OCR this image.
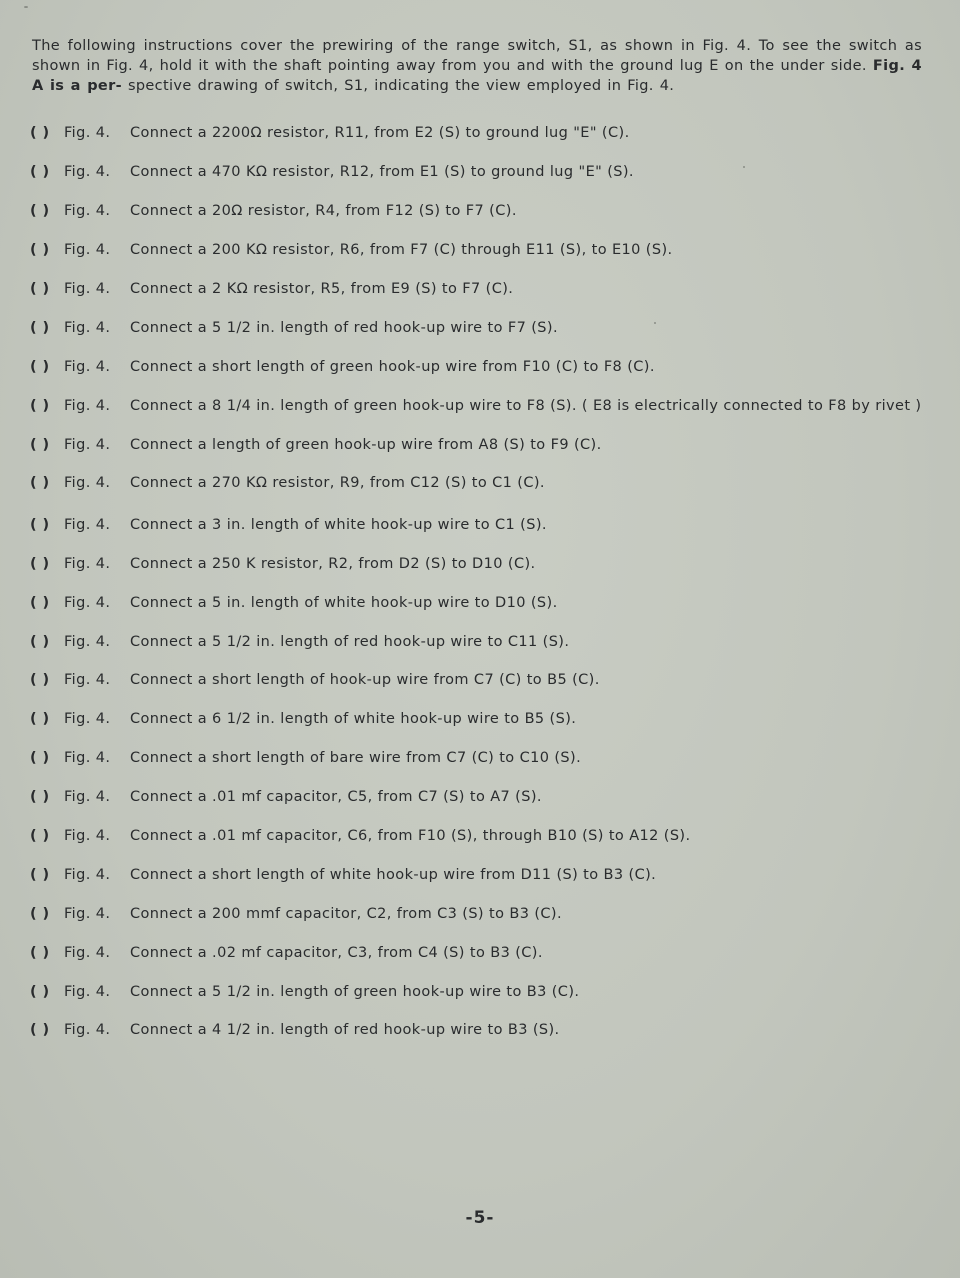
The following instructions cover the prewiring of the range switch, S1, as shown in Fig. 4. To see the switch as shown in Fig. 4, hold it with the shaft pointing away from you and with the ground lug E on the under side. Fig. 4 A is a per- spective drawing of switch, S1, indicating the view employed in Fig. 4.
( ) Fig. 4.	Connect a 2200Ω resistor, R11, from E2 (S) to ground lug "E" (C).
( ) Fig. 4.	Connect a 470 KΩ resistor, R12, from E1 (S) to ground lug "E" (S).
( ) Fig. 4.	Connect a 20Ω resistor, R4, from F12 (S) to F7 (C).
( ) Fig. 4.	Connect a 200 KΩ resistor, R6, from F7 (C) through E11 (S), to E10 (S).
( ) Fig. 4.	Connect a 2 KΩ resistor, R5, from E9 (S) to F7 (C).
( ) Fig. 4.	Connect a 5 1/2 in. length of red hook-up wire to F7 (S).
( ) Fig. 4.	Connect a short length of green hook-up wire from F10 (C) to F8 (C).
( ) Fig. 4.	Connect a 8 1/4 in. length of green hook-up wire to F8 (S). ( E8 is electrically connected to F8 by rivet )
( ) Fig. 4.	Connect a length of green hook-up wire from A8 (S) to F9 (C).
( ) Fig. 4.	Connect a 270 KΩ resistor, R9, from C12 (S) to C1 (C).
( ) Fig. 4.	Connect a 3 in. length of white hook-up wire to C1 (S).
( ) Fig. 4.	Connect a 250 K resistor, R2, from D2 (S) to D10 (C).
( ) Fig. 4.	Connect a 5 in. length of white hook-up wire to D10 (S).
( ) Fig. 4.	Connect a 5 1/2 in. length of red hook-up wire to C11 (S).
( ) Fig. 4.	Connect a short length of hook-up wire from C7 (C) to B5 (C).
( ) Fig. 4.	Connect a 6 1/2 in. length of white hook-up wire to B5 (S).
( ) Fig. 4.	Connect a short length of bare wire from C7 (C) to C10 (S).
( ) Fig. 4.	Connect a .01 mf capacitor, C5, from C7 (S) to A7 (S).
( ) Fig. 4.	Connect a .01 mf capacitor, C6, from F10 (S), through B10 (S) to A12 (S).
( ) Fig. 4.	Connect a short length of white hook-up wire from D11 (S) to B3 (C).
( ) Fig. 4.	Connect a 200 mmf capacitor, C2, from C3 (S) to B3 (C).
( ) Fig. 4.	Connect a .02 mf capacitor, C3, from C4 (S) to B3 (C).
( ) Fig. 4.	Connect a 5 1/2 in. length of green hook-up wire to B3 (C).
( ) Fig. 4.	Connect a 4 1/2 in. length of red hook-up wire to B3 (S).
-5-
